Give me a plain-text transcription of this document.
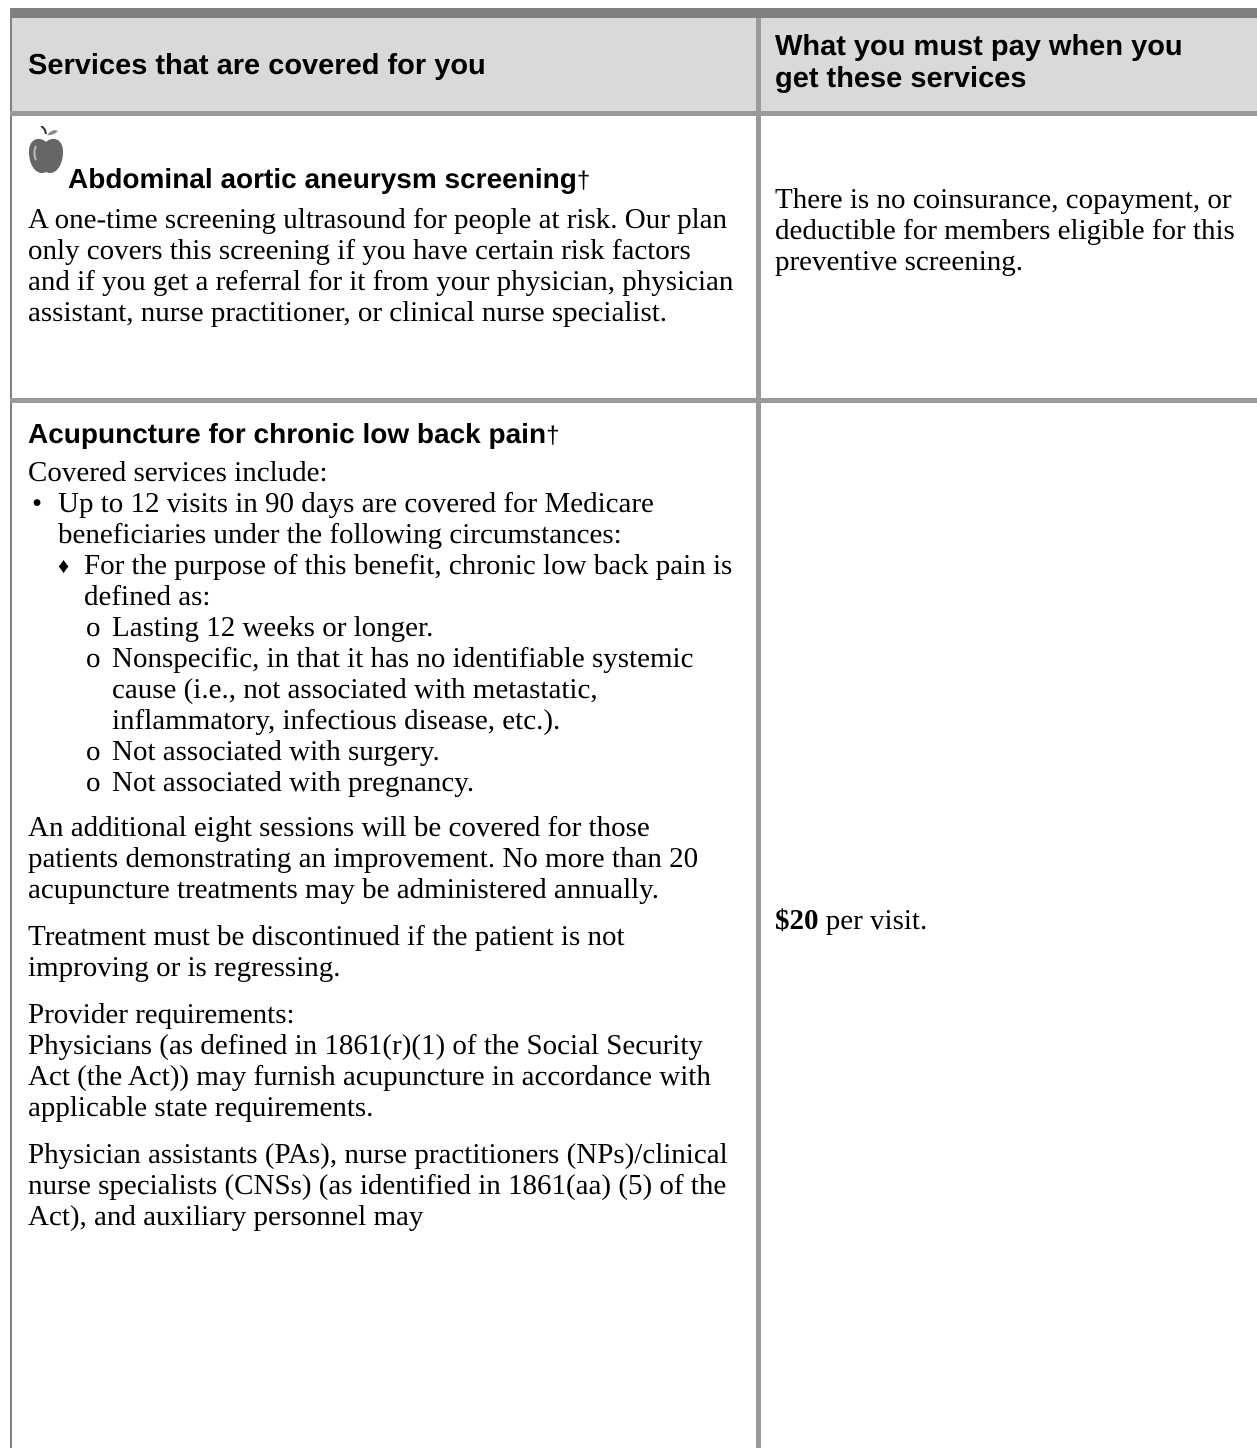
Services that are covered for you
What you must pay when you
get these services
Abdominal aortic aneurysm screening†

A one-time screening ultrasound for people at risk. Our plan only covers this screening if you have certain risk factors and if you get a referral for it from your physician, physician assistant, nurse practitioner, or clinical nurse specialist.

There is no coinsurance, copayment, or deductible for members eligible for this preventive screening.

Acupuncture for chronic low back pain†

Covered services include:

• Up to 12 visits in 90 days are covered for Medicare beneficiaries under the following circumstances:
♦ For the purpose of this benefit, chronic low back pain is defined as:
o Lasting 12 weeks or longer.
o Nonspecific, in that it has no identifiable systemic cause (i.e., not associated with metastatic, inflammatory, infectious disease, etc.).
o Not associated with surgery.
o Not associated with pregnancy.

An additional eight sessions will be covered for those patients demonstrating an improvement. No more than 20 acupuncture treatments may be administered annually.

Treatment must be discontinued if the patient is not improving or is regressing.

Provider requirements:
Physicians (as defined in 1861(r)(1) of the Social Security Act (the Act)) may furnish acupuncture in accordance with applicable state requirements.

Physician assistants (PAs), nurse practitioners (NPs)/clinical nurse specialists (CNSs) (as identified in 1861(aa) (5) of the Act), and auxiliary personnel may

$20 per visit.
